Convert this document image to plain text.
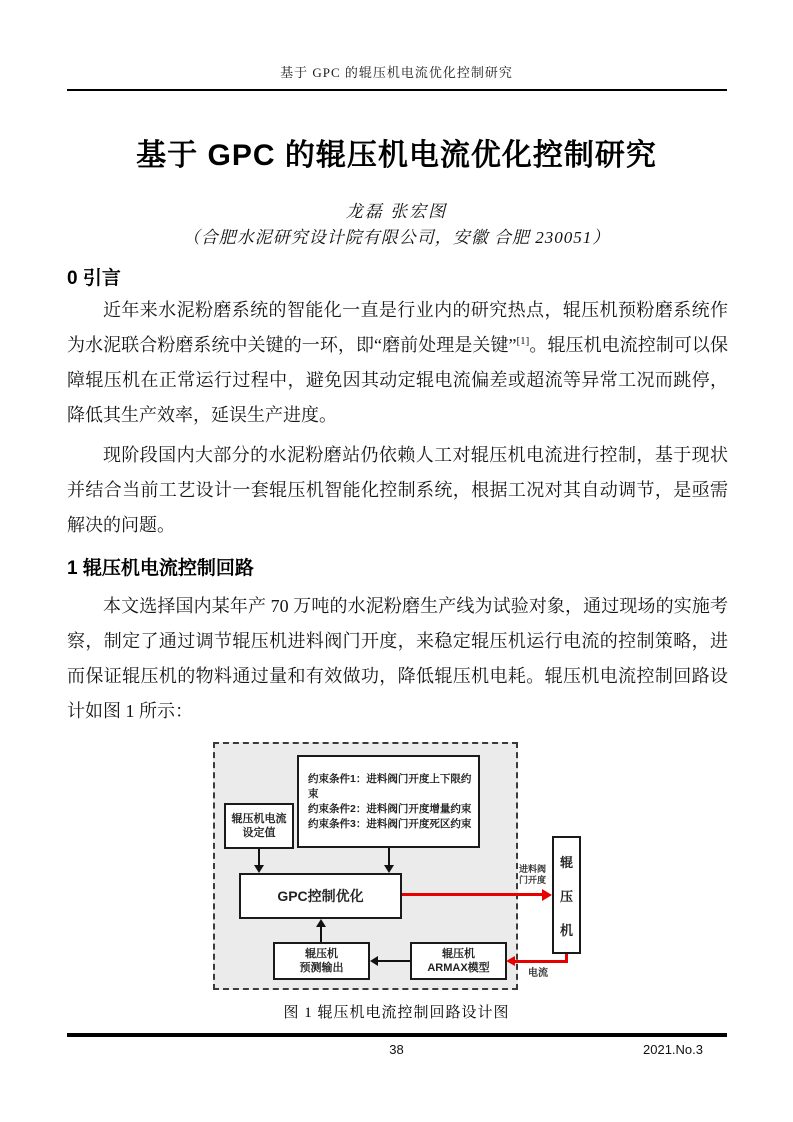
基于 GPC 的辊压机电流优化控制研究
基于 GPC 的辊压机电流优化控制研究
龙磊 张宏图
（合肥水泥研究设计院有限公司，安徽 合肥 230051）
0 引言

近年来水泥粉磨系统的智能化一直是行业内的研究热点，辊压机预粉磨系统作为水泥联合粉磨系统中关键的一环，即“磨前处理是关键”[1]。辊压机电流控制可以保障辊压机在正常运行过程中，避免因其动定辊电流偏差或超流等异常工况而跳停，降低其生产效率，延误生产进度。

现阶段国内大部分的水泥粉磨站仍依赖人工对辊压机电流进行控制，基于现状并结合当前工艺设计一套辊压机智能化控制系统，根据工况对其自动调节，是亟需解决的问题。

1 辊压机电流控制回路

本文选择国内某年产 70 万吨的水泥粉磨生产线为试验对象，通过现场的实施考察，制定了通过调节辊压机进料阀门开度，来稳定辊压机运行电流的控制策略，进而保证辊压机的物料通过量和有效做功，降低辊压机电耗。辊压机电流控制回路设计如图 1 所示：

辊压机电流
设定值
约束条件1：进料阀门开度上下限约束
约束条件2：进料阀门开度增量约束
约束条件3：进料阀门开度死区约束
GPC控制优化
辊压机
预测输出
辊压机
ARMAX模型
辊
压
机
进料阀
门开度
电流
图 1 辊压机电流控制回路设计图
38	2021.No.3
